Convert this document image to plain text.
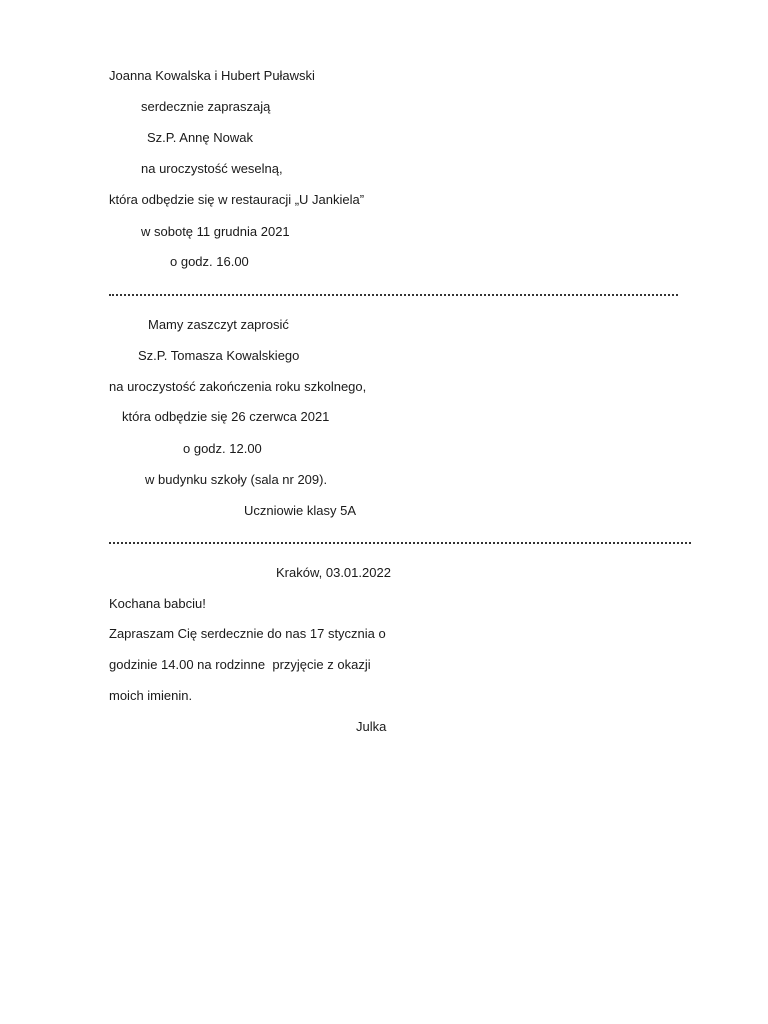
Joanna Kowalska i Hubert Puławski

serdecznie zapraszają

Sz.P. Annę Nowak

na uroczystość weselną,

która odbędzie się w restauracji „U Jankiela”

w sobotę 11 grudnia 2021

o godz. 16.00

Mamy zaszczyt zaprosić

Sz.P. Tomasza Kowalskiego

na uroczystość zakończenia roku szkolnego,

która odbędzie się 26 czerwca 2021

o godz. 12.00

w budynku szkoły (sala nr 209).

Uczniowie klasy 5A

Kraków, 03.01.2022

Kochana babciu!

Zapraszam Cię serdecznie do nas 17 stycznia o

godzinie 14.00 na rodzinne  przyjęcie z okazji

moich imienin.

Julka
